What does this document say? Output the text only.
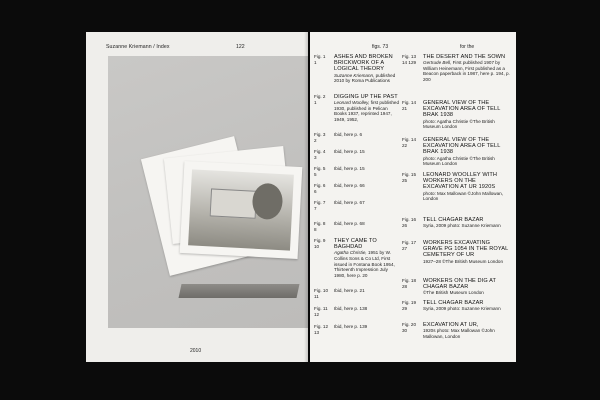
Suzanne Kriemann / Index	122
2010
figs. 73	for the
Fig. 1
1
ASHES AND BROKEN BRICKWORK OF A LOGICAL THEORY
Suzanne Kriemann, published 2010 by Roma Publications
Fig. 2
1
DIGGING UP THE PAST
Leonard Woolley, first published 1930, published in Pelican Books 1937, reprinted 1947, 1949, 1952,
Fig. 3
2
Ibid, here p. 6
Fig. 4
3
Ibid, here p. 15
Fig. 5
5
Ibid, here p. 15
Fig. 6
6
Ibid, here p. 66
Fig. 7
7
Ibid, here p. 67
Fig. 8
8
Ibid, here p. 68
Fig. 9
10
THEY CAME TO BAGHDAD
Agatha Christie, 1951 by W. Collins Sons & Co Ltd, First issued in Fontana Book 1954, Thirteenth Impression July 1980, here p. 20
Fig. 10
11
Ibid, here p. 21
Fig. 11
12
Ibid, here p. 138
Fig. 12
13
Ibid, here p. 139
Fig. 13
14 129
THE DESERT AND THE SOWN
Gertrude Bell, First published 1907 by William Heinemann, First published as a Beacon paperback in 1987, here p. 194, p. 200
Fig. 14
21
GENERAL VIEW OF THE EXCAVATION AREA OF TELL BRAK 1938
photo: Agatha Christie ©The British Museum London
Fig. 14
22
GENERAL VIEW OF THE EXCAVATION AREA OF TELL BRAK 1938
photo: Agatha Christie ©The British Museum London
Fig. 15
25
LEONARD WOOLLEY WITH WORKERS ON THE EXCAVATION AT UR 1920S
photo: Max Mallowan ©John Mallowan, London
Fig. 16
26
TELL CHAGAR BAZAR
Syria, 2009 photo: Suzanne Kriemann
Fig. 17
27
WORKERS EXCAVATING GRAVE PG 1054 IN THE ROYAL CEMETERY OF UR
1927–28 ©The British Museum London
Fig. 18
28
WORKERS ON THE DIG AT CHAGAR BAZAR
©The British Museum London
Fig. 19
29
TELL CHAGAR BAZAR
Syria, 2009 photo: Suzanne Kriemann
Fig. 20
30
EXCAVATION AT UR,
1920s photo: Max Mallowan ©John Mallowan, London
